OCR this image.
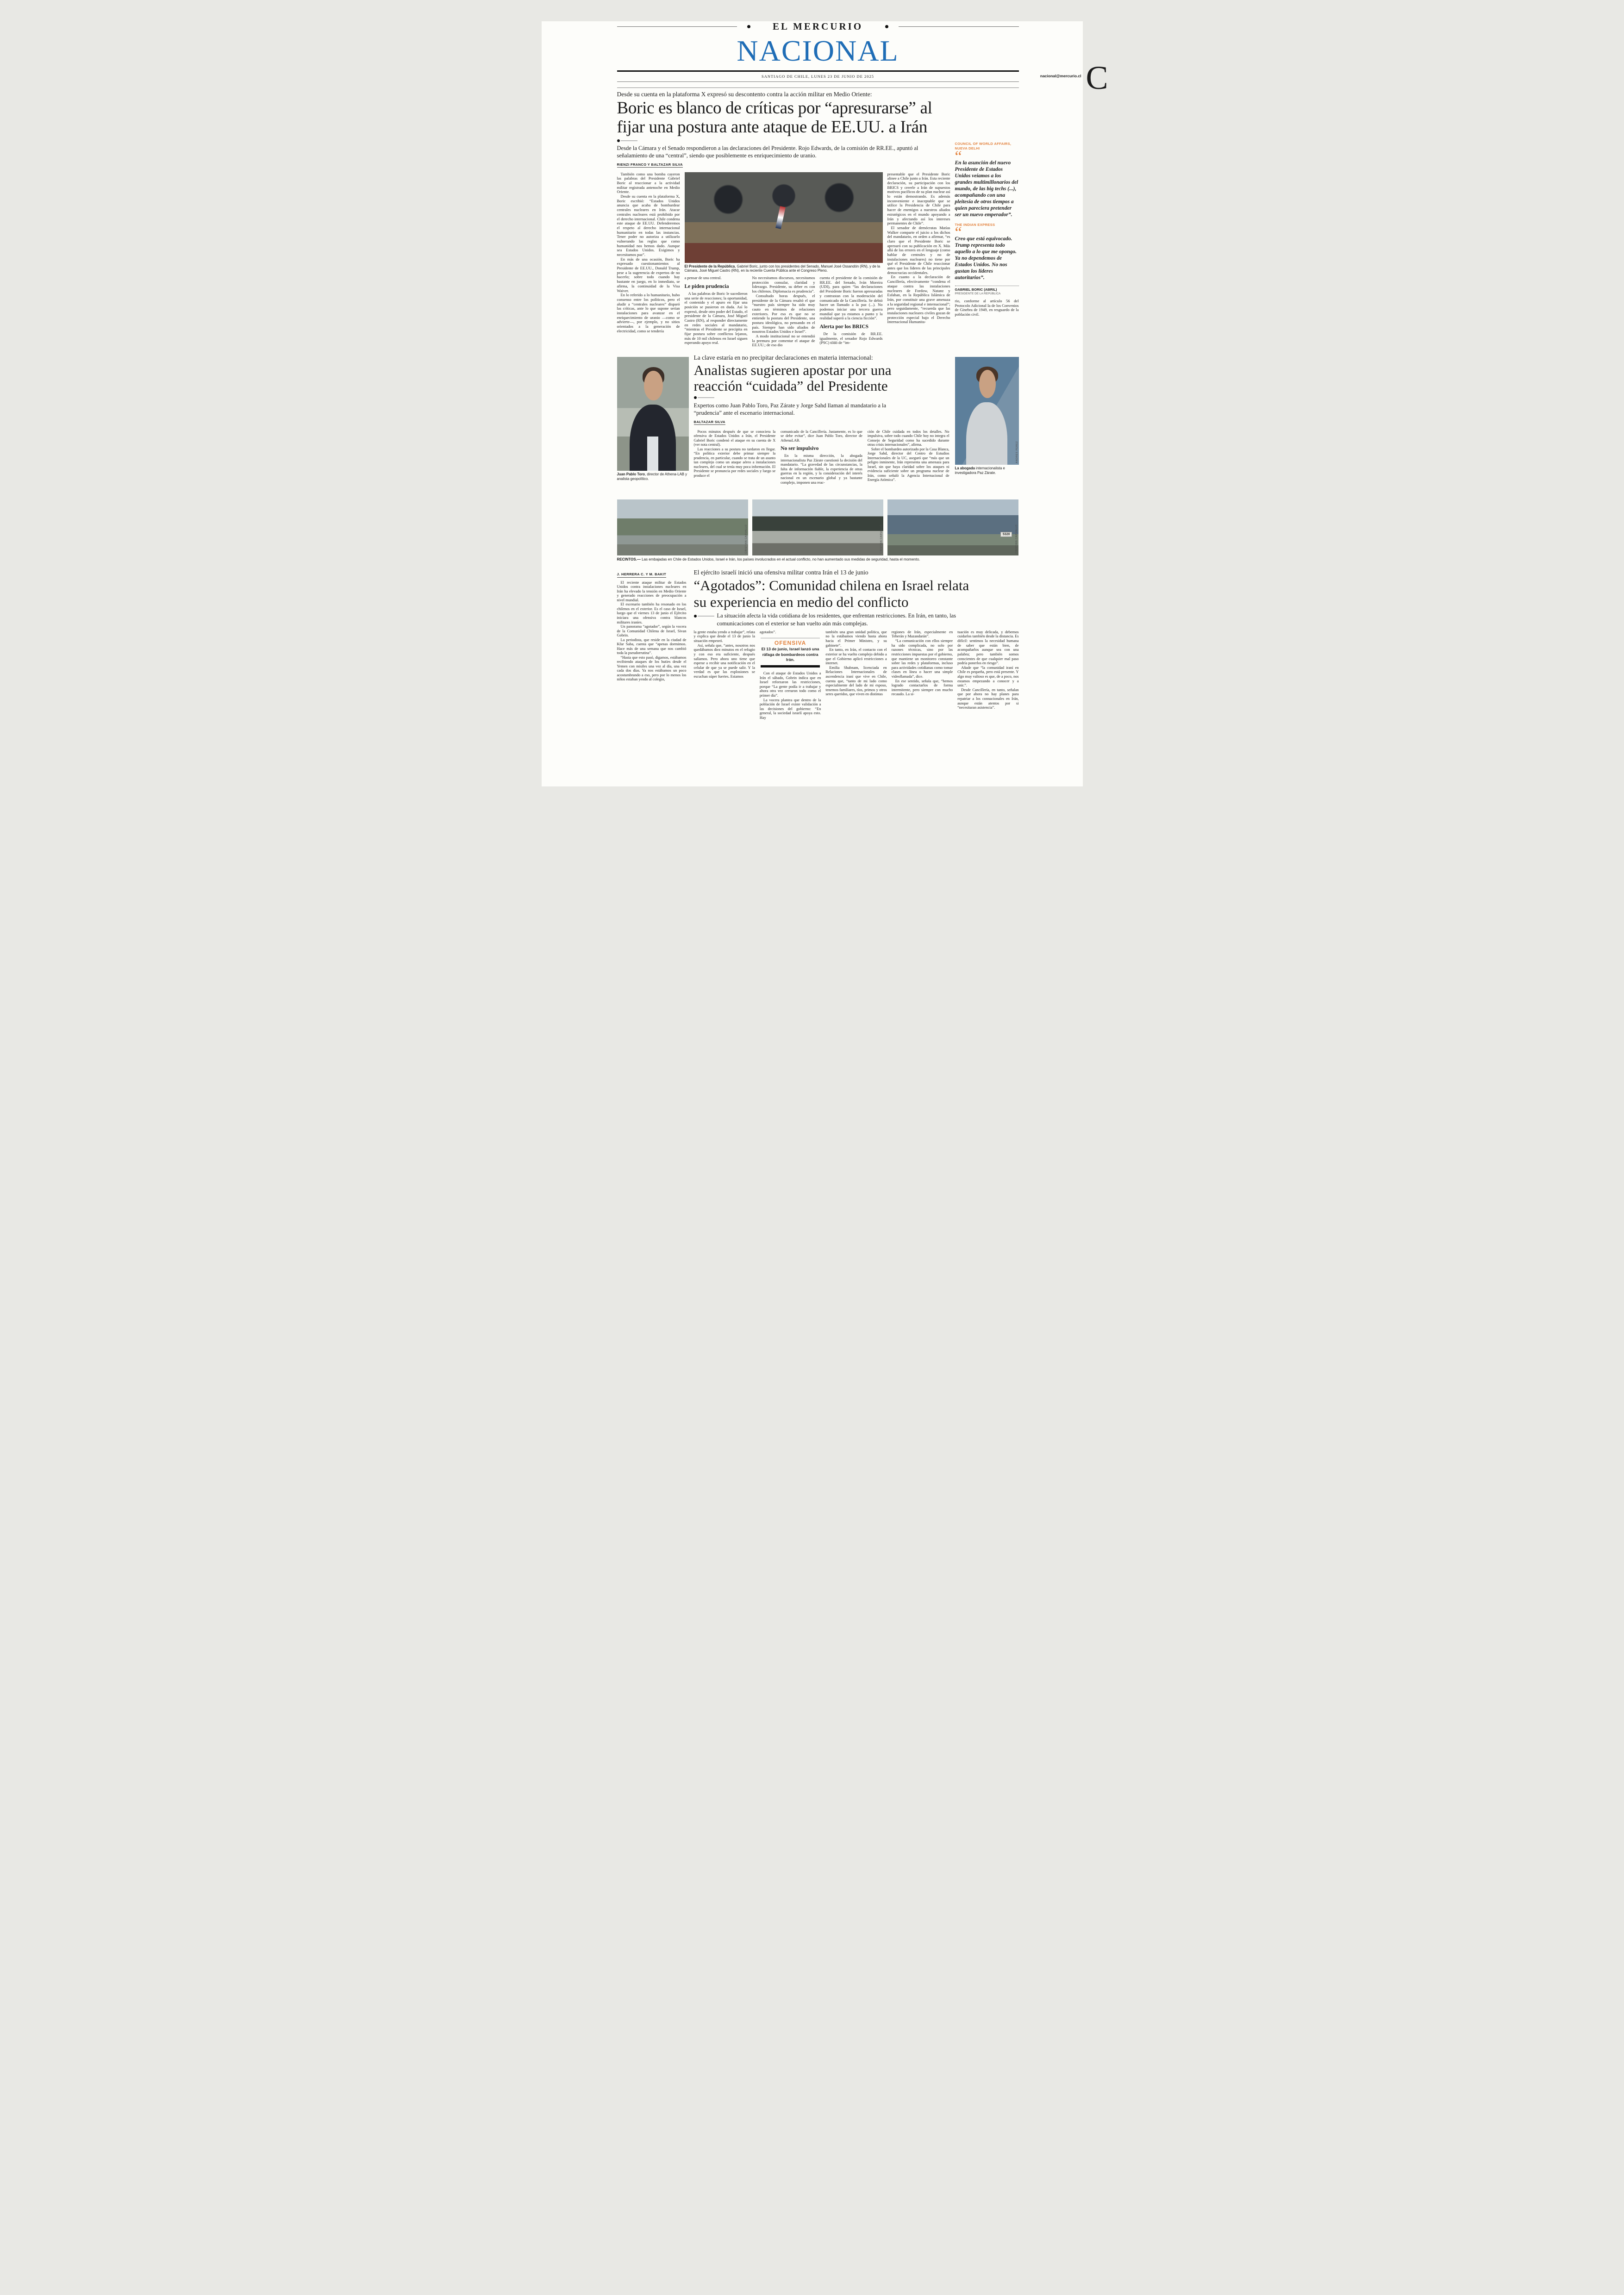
EL MERCURIO
NACIONAL
SANTIAGO DE CHILE, LUNES 23 DE JUNIO DE 2025	nacional@mercurio.cl C
Desde su cuenta en la plataforma X expresó su descontento contra la acción militar en Medio Oriente:
Boric es blanco de críticas por “apresurarse” al
fijar una postura ante ataque de EE.UU. a Irán
Desde la Cámara y el Senado respondieron a las declaraciones del Presidente. Rojo Edwards, de la comisión de RR.EE., apuntó al señalamiento de una “central”, siendo que posiblemente es enriquecimiento de uranio.
RIENZI FRANCO Y BALTAZAR SILVA

También como una bomba cayeron las palabras del Presidente Gabriel Boric al reaccionar a la actividad militar registrada antenoche en Medio Oriente.

Desde su cuenta en la plataforma X, Boric escribió: “Estados Unidos anuncia que acaba de bombardear centrales nucleares en Irán. Atacar centrales nucleares está prohibido por el derecho internacional. Chile condena este ataque de EE.UU. Defenderemos el respeto al derecho internacional humanitario en todas las instancias. Tener poder no autoriza a utilizarlo vulnerando las reglas que como humanidad nos hemos dado. Aunque sea Estados Unidos. Exigimos y necesitamos paz”.

En más de una ocasión, Boric ha expresado cuestionamientos al Presidente de EE.UU., Donald Trump, pese a la sugerencia de expertos de no hacerlo; sobre todo cuando hay bastante en juego, en lo inmediato, se afirma, la continuidad de la Visa Waiver.

En lo referido a lo humanitario, hubo consenso entre los políticos, pero el aludir a “centrales nucleares” disparó las críticas, ante lo que supone serían instalaciones para avanzar en el enriquecimiento de uranio —como se advierte—, por ejemplo, y no sitios orientados a la generación de electricidad, como se tendería

El Presidente de la República, Gabriel Boric, junto con los presidentes del Senado, Manuel José Ossandón (RN), y de la Cámara, José Miguel Castro (RN), en la reciente Cuenta Pública ante el Congreso Pleno.

a pensar de una central.

Le piden prudencia

A las palabras de Boric le sucedieron una serie de reacciones; la oportunidad, el contenido y el apuro en fijar una posición se pusieron en duda. Así lo expresó, desde otro poder del Estado, el presidente de la Cámara, José Miguel Castro (RN), al responder directamente en redes sociales al mandatario, “mientras el Presidente se precipita en fijar postura sobre conflictos lejanos, más de 10 mil chilenos en Israel siguen esperando apoyo real.

No necesitamos discursos, necesitamos protección consular, claridad y liderazgo. Presidente, su deber es con los chilenos. Diplomacia es prudencia”.

Consultado horas después, el presidente de la Cámara resaltó el que “nuestro país siempre ha sido muy cauto en términos de relaciones exteriores. Por eso es que no se entiende la postura del Presidente, una postura ideológica, no pensando en el país. Siempre han sido aliados de nosotros Estados Unidos e Israel”.

A modo institucional no se entendió la premura por comentar el ataque de EE.UU.; de eso dio

cuenta el presidente de la comisión de RR.EE. del Senado, Iván Moreira (UDI), para quien “las declaraciones del Presidente Boric fueron apresuradas y contrastan con la moderación del comunicado de la Cancillería. Se debió hacer un llamado a la paz (...). No podemos iniciar una tercera guerra mundial que ya estamos a punto y la realidad superó a la ciencia ficción”.

Alerta por los BRICS

De la comisión de RR.EE. igualmente, el senador Rojo Edwards (PSC) tildó de “im-

presentable que el Presidente Boric alinee a Chile junto a Irán. Esta reciente declaración, su participación con los BRICS y creerle a Irán de supuestos motivos pacíficos de su plan nuclear así lo están demostrando. Es además inconveniente e inaceptable que se utilice la Presidencia de Chile para hacer de enemigos a nuestros aliados estratégicos en el mundo apoyando a Irán y afectando así los intereses permanentes de Chile”.

El senador de demócratas Matías Walker comparte el juicio a los dichos del mandatario, en orden a afirmar, “es claro que el Presidente Boric se apresuró con su publicación en X. Más allá de los errores en el lenguaje (como hablar de centrales y no de instalaciones nucleares) no tiene por qué el Presidente de Chile reaccionar antes que los líderes de las principales democracias occidentales.

En cuanto a la declaración de Cancillería, efectivamente “condena el ataque contra las instalaciones nucleares de Fordow, Natanz y Esfahan, en la República Islámica de Irán, por constituir una grave amenaza a la seguridad regional e internacional”; pero seguidamente, “recuerda que las instalaciones nucleares civiles gozan de protección especial bajo el Derecho Internacional Humanita-

COUNCIL OF WORLD AFFAIRS, NUEVA DELHI
“

En la asunción del nuevo Presidente de Estados Unidos veíamos a los grandes multimillonarios del mundo, de las big techs (...), acompañando con una pleitesía de otros tiempos a quien pareciera pretender ser un nuevo emperador”.

THE INDIAN EXPRESS
“

Creo que está equivocado. Trump representa todo aquello a lo que me opongo. Ya no dependemos de Estados Unidos. No nos gustan los líderes autoritarios”.

GABRIEL BORIC (ABRIL)
PRESIDENTE DE LA REPÚBLICA

rio, conforme al artículo 56 del Protocolo Adicional Ia de los Convenios de Ginebra de 1949, en resguardo de la población civil.

Juan Pablo Toro, director de Athena-LAB y analista geopolítico.
ANDRES PEREZ
La abogada internacionalista e investigadora Paz Zárate.
La clave estaría en no precipitar declaraciones en materia internacional:
Analistas sugieren apostar por una
reacción “cuidada” del Presidente
Expertos como Juan Pablo Toro, Paz Zárate y Jorge Sahd llaman al mandatario a la “prudencia” ante el escenario internacional.
BALTAZAR SILVA

Pocos minutos después de que se conociera la ofensiva de Estados Unidos a Irán, el Presidente Gabriel Boric condenó el ataque en su cuenta de X (ver nota central).

Las reacciones a su postura no tardaron en llegar. “En política exterior debe primar siempre la prudencia, en particular, cuando se trata de un asunto tan complejo como un ataque aéreo a instalaciones nucleares, del cual se tenía muy poca información. El Presidente se pronuncia por redes sociales y luego se produce el

comunicado de la Cancillería. Justamente, es lo que se debe evitar”, dice Juan Pablo Toro, director de AthenaLAB.

No ser impulsivo

En la misma dirección, la abogada internacionalista Paz Zárate cuestionó la decisión del mandatario. “La gravedad de las circunstancias, la falta de información fiable, la experiencia de otras guerras en la región, y la consideración del interés nacional en un escenario global y ya bastante complejo, imponen una reac-

ción de Chile cuidada en todos los detalles. No impulsiva, sobre todo cuando Chile hoy no integra el Consejo de Seguridad como ha sucedido durante otras crisis internacionales”, afirma.

Sobre el bombardeo autorizado por la Casa Blanca, Jorge Sahd, director del Centro de Estudios Internacionales de la UC, aseguró que “más que un peligro inminente, Irán representa una amenaza para Israel, sin que haya claridad sobre los ataques ni evidencia suficiente sobre un programa nuclear de Irán, como señaló la Agencia Internacional de Energía Atómica”.

CRISTIAN CARVALLO	CRISTIAN CARVALLO	5320	CRISTIAN CARVALLO
RECINTOS.— Las embajadas en Chile de Estados Unidos, Israel e Irán, los países involucrados en el actual conflicto, no han aumentado sus medidas de seguridad, hasta el momento.
J. HERRERA C. Y M. BAKIT

El reciente ataque militar de Estados Unidos contra instalaciones nucleares en Irán ha elevado la tensión en Medio Oriente y generado reacciones de preocupación a nivel mundial.

El escenario también ha resonado en los chilenos en el exterior. Es el caso de Israel, luego que el viernes 13 de junio el Ejército iniciara una ofensiva contra blancos militares iraníes.

Un panorama “agotador”, según la vocera de la Comunidad Chilena de Israel, Sivan Gobrin.

La periodista, que reside en la ciudad de Kfar Saba, cuenta que “apenas dormimos. Hace más de una semana que nos cambió toda la pseudorrutina”.

“Hasta que esto pasó, digamos, estábamos recibiendo ataques de los hutíes desde el Yemen con misiles una vez al día, una vez cada dos días. Ya nos estábamos un poco acostumbrando a eso, pero por lo menos los niños estaban yendo al colegio,

El ejército israelí inició una ofensiva militar contra Irán el 13 de junio
“Agotados”: Comunidad chilena en Israel relata
su experiencia en medio del conflicto
La situación afecta la vida cotidiana de los residentes, que enfrentan restricciones. En Irán, en tanto, las comunicaciones con el exterior se han vuelto aún más complejas.

la gente estaba yendo a trabajar”, relata y explica que desde el 13 de junio la situación empeoró.

Así, señala que, “antes, nosotros nos quedábamos diez minutos en el refugio y con eso era suficiente, después salíamos. Pero ahora uno tiene que esperar a recibir una notificación en el celular de que ya se puede salir. Y la verdad es que las explosiones se escuchan súper fuertes. Estamos

agotados”.

OFENSIVA

El 13 de junio, Israel lanzó una ráfaga de bombardeos contra Irán.

Con el ataque de Estados Unidos a Irán el sábado, Gobrin indica que en Israel reforzaron las restricciones, porque “La gente podía ir a trabajar y ahora otra vez cerraron todo como el primer día”.

La vocera plantea que dentro de la población de Israel existe validación a las decisiones del gobierno: “En general, la sociedad israelí apoya esto. Hay

también una gran unidad política, que no la estábamos viendo hasta ahora hacia el Primer Ministro, y su gabinete”.

En tanto, en Irán, el contacto con el exterior se ha vuelto complejo debido a que el Gobierno aplicó restricciones a internet.

Emilia Shabnam, licenciada en Relaciones Internacionales de ascendencia iraní que vive en Chile, cuenta que, “tanto de mi lado como especialmente del lado de mi esposo, tenemos familiares, tíos, primos y otros seres queridos, que viven en distintas

regiones de Irán, especialmente en Teherán y Mazandarán”.

“La comunicación con ellos siempre ha sido complicada, no solo por razones técnicas, sino por las restricciones impuestas por el gobierno, que mantiene un monitoreo constante sobre las redes y plataformas, incluso para actividades cotidianas como tomar clases en línea o hacer una simple videollamada”, dice.

En ese sentido, señala que, “hemos logrado contactarlos de forma intermitente, pero siempre con mucho recaudo. La si-

tuación es muy delicada, y debemos cuidarlos también desde la distancia. Es difícil: sentimos la necesidad humana de saber que están bien, de acompañarlos aunque sea con una palabra; pero también somos conscientes de que cualquier mal paso podría ponerlos en riesgo”.

Añade que “la comunidad iraní en Chile es pequeña, pero está presente. Y algo muy valioso es que, de a poco, nos estamos empezando a conocer y a unir.”.

Desde Cancillería, en tanto, señalan que por ahora no hay planes para repatriar a los connacionales en Irán, aunque están atentos por si “necesitaran asistencia”.
